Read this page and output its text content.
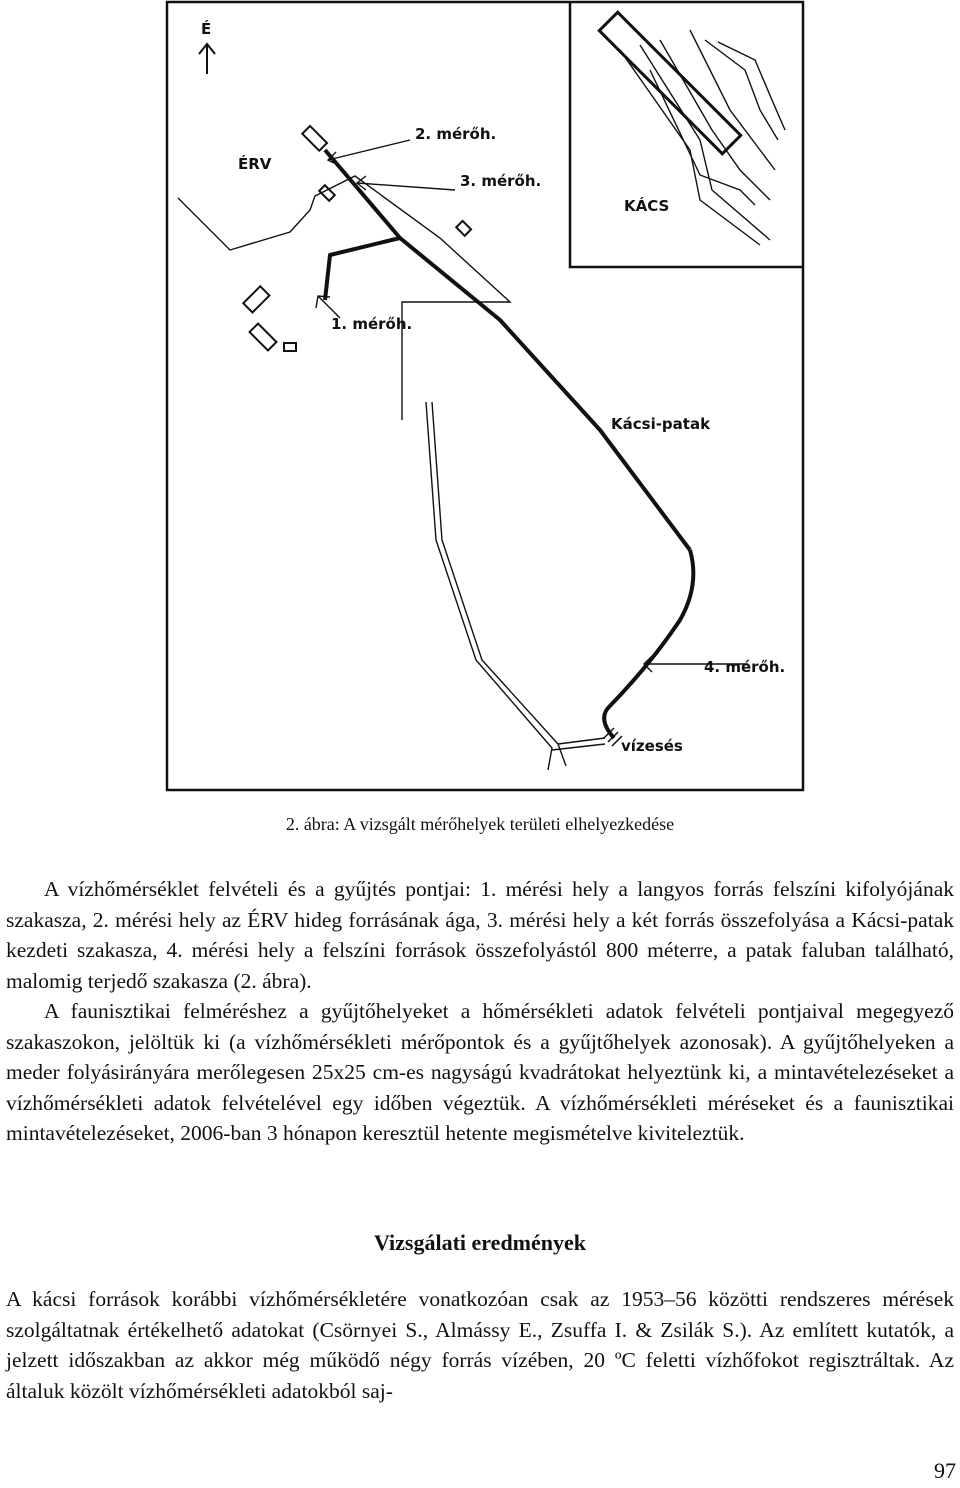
É
ÉRV
KÁCS
2. mérőh.
3. mérőh.
1. mérőh.
Kácsi-patak
4. mérőh.
vízesés
2. ábra: A vizsgált mérőhelyek területi elhelyezkedése

A vízhőmérséklet felvételi és a gyűjtés pontjai: 1. mérési hely a langyos forrás felszíni kifolyójának szakasza, 2. mérési hely az ÉRV hideg forrásának ága, 3. mérési hely a két forrás összefolyása a Kácsi-patak kezdeti szakasza, 4. mérési hely a felszíni források összefolyástól 800 méterre, a patak faluban található, malomig terjedő szakasza (2. ábra).

A faunisztikai felméréshez a gyűjtőhelyeket a hőmérsékleti adatok felvételi pontjaival megegyező szakaszokon, jelöltük ki (a vízhőmérsékleti mérőpontok és a gyűjtőhelyek azonosak). A gyűjtőhelyeken a meder folyásirányára merőlegesen 25x25 cm-es nagyságú kvadrátokat helyeztünk ki, a mintavételezéseket a vízhőmérsékleti adatok felvételével egy időben végeztük. A vízhőmérsékleti méréseket és a faunisztikai mintavételezéseket, 2006-ban 3 hónapon keresztül hetente megismételve kiviteleztük.

Vizsgálati eredmények

A kácsi források korábbi vízhőmérsékletére vonatkozóan csak az 1953–56 közötti rendszeres mérések szolgáltatnak értékelhető adatokat (Csörnyei S., Almássy E., Zsuffa I. & Zsilák S.). Az említett kutatók, a jelzett időszakban az akkor még működő négy forrás vízében, 20 ºC feletti vízhőfokot regisztráltak. Az általuk közölt vízhőmérsékleti adatokból saj-

97
